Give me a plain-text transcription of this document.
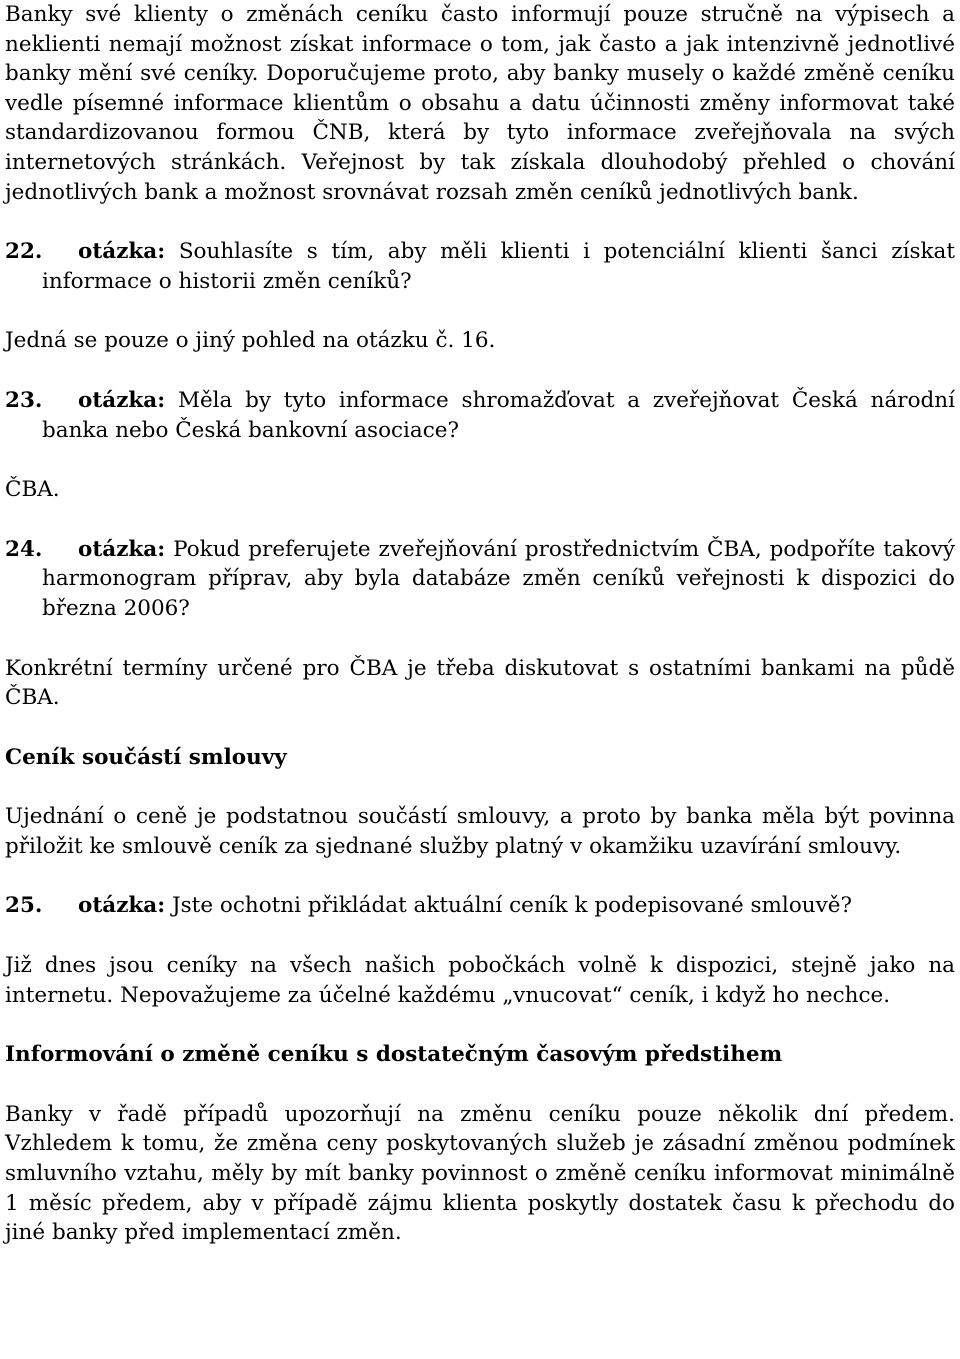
Banky své klienty o změnách ceníku často informují pouze stručně na výpisech a neklienti nemají možnost získat informace o tom, jak často a jak intenzivně jednotlivé banky mění své ceníky. Doporučujeme proto, aby banky musely o každé změně ceníku vedle písemné informace klientům o obsahu a datu účinnosti změny informovat také standardizovanou formou ČNB, která by tyto informace zveřejňovala na svých internetových stránkách. Veřejnost by tak získala dlouhodobý přehled o chování jednotlivých bank a možnost srovnávat rozsah změn ceníků jednotlivých bank.

22. otázka: Souhlasíte s tím, aby měli klienti i potenciální klienti šanci získat informace o historii změn ceníků?

Jedná se pouze o jiný pohled na otázku č. 16.

23. otázka: Měla by tyto informace shromažďovat a zveřejňovat Česká národní banka nebo Česká bankovní asociace?

ČBA.

24. otázka: Pokud preferujete zveřejňování prostřednictvím ČBA, podpoříte takový harmonogram příprav, aby byla databáze změn ceníků veřejnosti k dispozici do března 2006?

Konkrétní termíny určené pro ČBA je třeba diskutovat s ostatními bankami na půdě ČBA.

Ceník součástí smlouvy

Ujednání o ceně je podstatnou součástí smlouvy, a proto by banka měla být povinna přiložit ke smlouvě ceník za sjednané služby platný v okamžiku uzavírání smlouvy.

25. otázka: Jste ochotni přikládat aktuální ceník k podepisované smlouvě?

Již dnes jsou ceníky na všech našich pobočkách volně k dispozici, stejně jako na internetu. Nepovažujeme za účelné každému „vnucovat“ ceník, i když ho nechce.

Informování o změně ceníku s dostatečným časovým předstihem

Banky v řadě případů upozorňují na změnu ceníku pouze několik dní předem. Vzhledem k tomu, že změna ceny poskytovaných služeb je zásadní změnou podmínek smluvního vztahu, měly by mít banky povinnost o změně ceníku informovat minimálně 1 měsíc předem, aby v případě zájmu klienta poskytly dostatek času k přechodu do jiné banky před implementací změn.
